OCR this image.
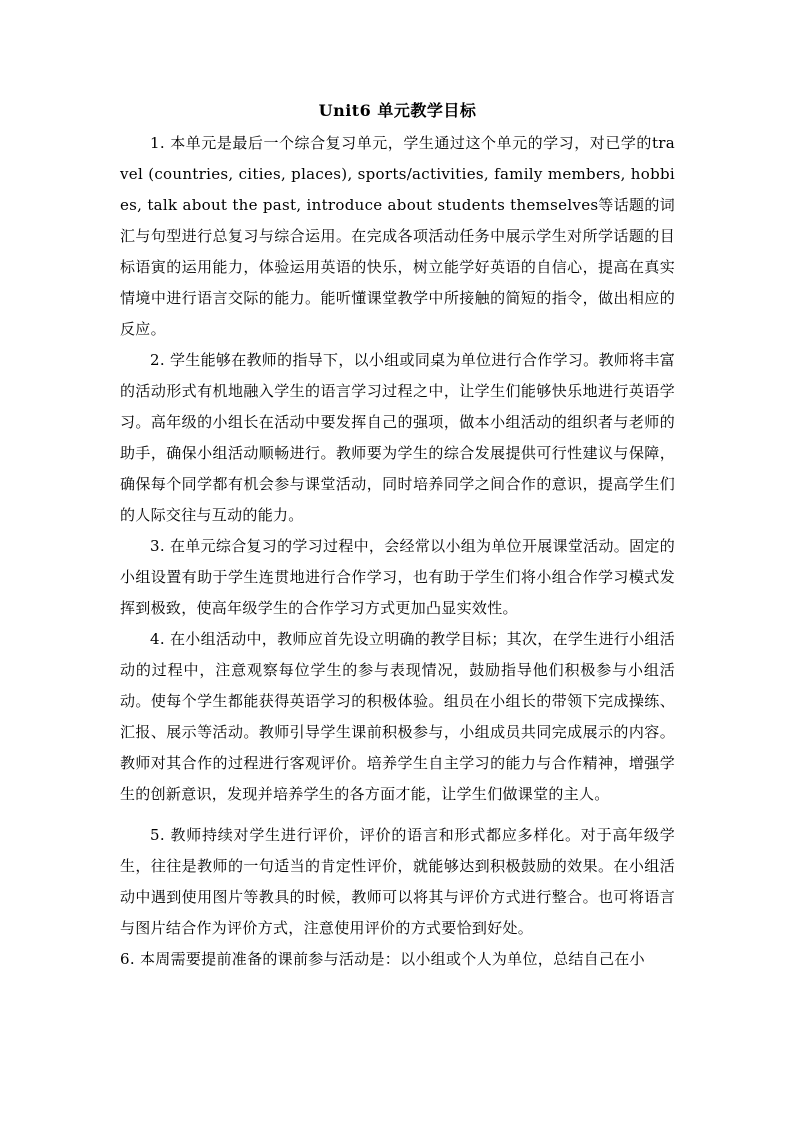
Unit6 单元教学目标

1. 本单元是最后一个综合复习单元，学生通过这个单元的学习，对已学的travel (countries, cities, places), sports/activities, family members, hobbies, talk about the past, introduce about students themselves等话题的词汇与句型进行总复习与综合运用。在完成各项活动任务中展示学生对所学话题的目标语寅的运用能力，体验运用英语的快乐，树立能学好英语的自信心，提高在真实情境中进行语言交际的能力。能听懂课堂教学中所接触的简短的指令，做出相应的反应。

2. 学生能够在教师的指导下，以小组或同桌为单位进行合作学习。教师将丰富的活动形式有机地融入学生的语言学习过程之中，让学生们能够快乐地进行英语学习。高年级的小组长在活动中要发挥自己的强项，做本小组活动的组织者与老师的助手，确保小组活动顺畅进行。教师要为学生的综合发展提供可行性建议与保障，确保每个同学都有机会参与课堂活动，同时培养同学之间合作的意识，提高学生们的人际交往与互动的能力。

3. 在单元综合复习的学习过程中，会经常以小组为单位开展课堂活动。固定的小组设置有助于学生连贯地进行合作学习，也有助于学生们将小组合作学习模式发挥到极致，使高年级学生的合作学习方式更加凸显实效性。

4. 在小组活动中，教师应首先设立明确的教学目标；其次，在学生进行小组活动的过程中，注意观察每位学生的参与表现情况，鼓励指导他们积极参与小组活动。使每个学生都能获得英语学习的积极体验。组员在小组长的带领下完成操练、汇报、展示等活动。教师引导学生课前积极参与，小组成员共同完成展示的内容。教师对其合作的过程进行客观评价。培养学生自主学习的能力与合作精神，增强学生的创新意识，发现并培养学生的各方面才能，让学生们做课堂的主人。

5. 教师持续对学生进行评价，评价的语言和形式都应多样化。对于高年级学生，往往是教师的一句适当的肯定性评价，就能够达到积极鼓励的效果。在小组活动中遇到使用图片等教具的时候，教师可以将其与评价方式进行整合。也可将语言与图片结合作为评价方式，注意使用评价的方式要恰到好处。

6. 本周需要提前准备的课前参与活动是：以小组或个人为单位，总结自己在小
